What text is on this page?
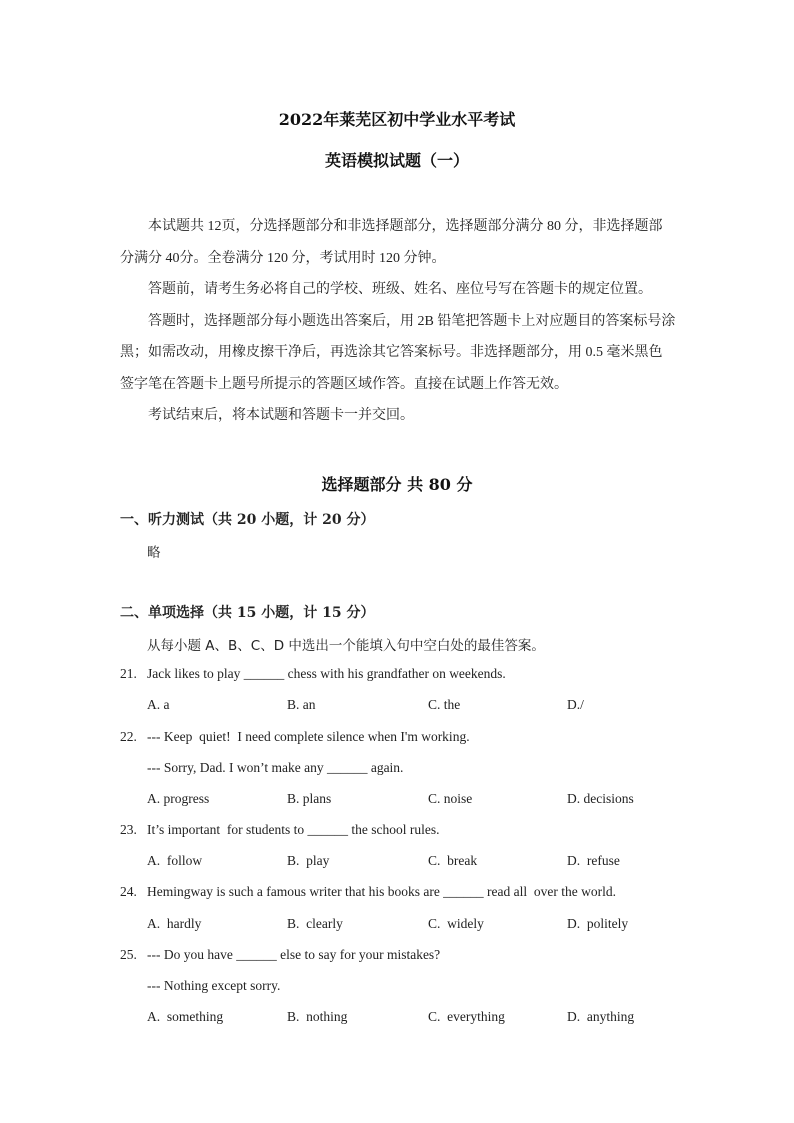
2022年莱芜区初中学业水平考试
英语模拟试题（一）

本试题共 12页，分选择题部分和非选择题部分，选择题部分满分 80 分，非选择题部分满分 40分。全卷满分 120 分，考试用时 120 分钟。

答题前，请考生务必将自己的学校、班级、姓名、座位号写在答题卡的规定位置。

答题时，选择题部分每小题选出答案后，用 2B 铅笔把答题卡上对应题目的答案标号涂黑；如需改动，用橡皮擦干净后，再选涂其它答案标号。非选择题部分，用 0.5 毫米黑色签字笔在答题卡上题号所提示的答题区域作答。直接在试题上作答无效。

考试结束后，将本试题和答题卡一并交回。

选择题部分 共 80 分
一、听力测试（共 20 小题，计 20 分）
略
二、单项选择（共 15 小题，计 15 分）
从每小题 A、B、C、D 中选出一个能填入句中空白处的最佳答案。
21. Jack likes to play ______ chess with his grandfather on weekends.
A. a	B. an	C. the	D./
22. --- Keep  quiet!  I need complete silence when I'm working.
--- Sorry, Dad. I won’t make any ______ again.
A. progress	B. plans	C. noise	D. decisions
23. It’s important  for students to ______ the school rules.
A.  follow	B.  play	C.  break	D.  refuse
24. Hemingway is such a famous writer that his books are ______ read all  over the world.
A.  hardly	B.  clearly	C.  widely	D.  politely
25. --- Do you have ______ else to say for your mistakes?
--- Nothing except sorry.
A.  something	B.  nothing	C.  everything	D.  anything
